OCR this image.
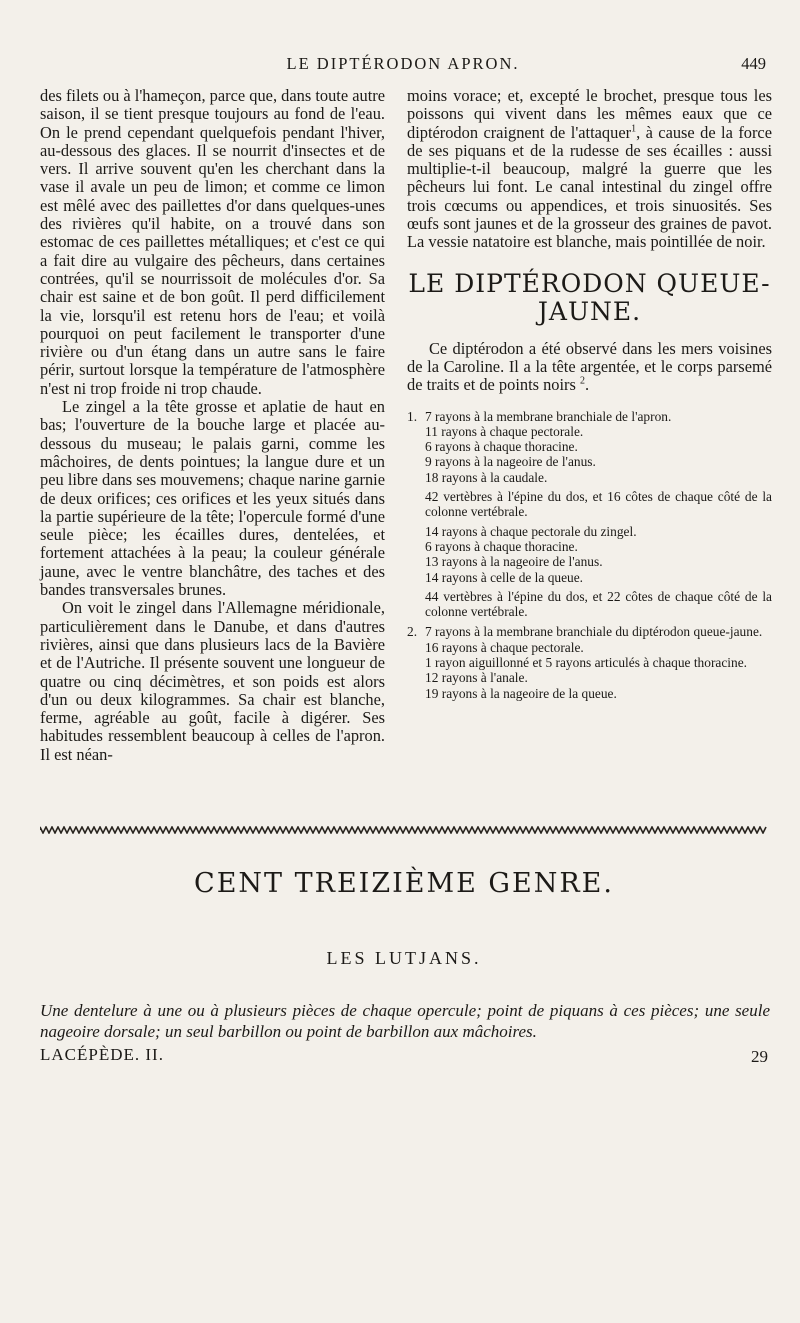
LE DIPTÉRODON APRON.	449

des filets ou à l'hameçon, parce que, dans toute autre saison, il se tient presque toujours au fond de l'eau. On le prend cependant quelquefois pendant l'hiver, au-dessous des glaces. Il se nourrit d'insectes et de vers. Il arrive souvent qu'en les cherchant dans la vase il avale un peu de limon; et comme ce limon est mêlé avec des paillettes d'or dans quelques-unes des rivières qu'il habite, on a trouvé dans son estomac de ces paillettes métalliques; et c'est ce qui a fait dire au vulgaire des pêcheurs, dans certaines contrées, qu'il se nourrissoit de molécules d'or. Sa chair est saine et de bon goût. Il perd difficilement la vie, lorsqu'il est retenu hors de l'eau; et voilà pourquoi on peut facilement le transporter d'une rivière ou d'un étang dans un autre sans le faire périr, surtout lorsque la température de l'atmosphère n'est ni trop froide ni trop chaude.

Le zingel a la tête grosse et aplatie de haut en bas; l'ouverture de la bouche large et placée au-dessous du museau; le palais garni, comme les mâchoires, de dents pointues; la langue dure et un peu libre dans ses mouvemens; chaque narine garnie de deux orifices; ces orifices et les yeux situés dans la partie supérieure de la tête; l'opercule formé d'une seule pièce; les écailles dures, dentelées, et fortement attachées à la peau; la couleur générale jaune, avec le ventre blanchâtre, des taches et des bandes transversales brunes.

On voit le zingel dans l'Allemagne méridionale, particulièrement dans le Danube, et dans d'autres rivières, ainsi que dans plusieurs lacs de la Bavière et de l'Autriche. Il présente souvent une longueur de quatre ou cinq décimètres, et son poids est alors d'un ou deux kilogrammes. Sa chair est blanche, ferme, agréable au goût, facile à digérer. Ses habitudes ressemblent beaucoup à celles de l'apron. Il est néan-

moins vorace; et, excepté le brochet, presque tous les poissons qui vivent dans les mêmes eaux que ce diptérodon craignent de l'attaquer$^1$, à cause de la force de ses piquans et de la rudesse de ses écailles : aussi multiplie-t-il beaucoup, malgré la guerre que les pêcheurs lui font. Le canal intestinal du zingel offre trois cœcums ou appendices, et trois sinuosités. Ses œufs sont jaunes et de la grosseur des graines de pavot. La vessie natatoire est blanche, mais pointillée de noir.

LE DIPTÉRODON QUEUE-
JAUNE.

Ce diptérodon a été observé dans les mers voisines de la Caroline. Il a la tête argentée, et le corps parsemé de traits et de points noirs $^2$.

1. 7 rayons à la membrane branchiale de l'apron.
11 rayons à chaque pectorale.
6 rayons à chaque thoracine.
9 rayons à la nageoire de l'anus.
18 rayons à la caudale.
42 vertèbres à l'épine du dos, et 16 côtes de chaque côté de la colonne vertébrale.
14 rayons à chaque pectorale du zingel.
6 rayons à chaque thoracine.
13 rayons à la nageoire de l'anus.
14 rayons à celle de la queue.
44 vertèbres à l'épine du dos, et 22 côtes de chaque côté de la colonne vertébrale.
2. 7 rayons à la membrane branchiale du diptérodon queue-jaune.
16 rayons à chaque pectorale.
1 rayon aiguillonné et 5 rayons articulés à chaque thoracine.
12 rayons à l'anale.
19 rayons à la nageoire de la queue.
CENT TREIZIÈME GENRE.
LES LUTJANS.
Une dentelure à une ou à plusieurs pièces de chaque opercule; point de piquans à ces pièces; une seule nageoire dorsale; un seul barbillon ou point de barbillon aux mâchoires.
LACÉPÈDE. II.	29
